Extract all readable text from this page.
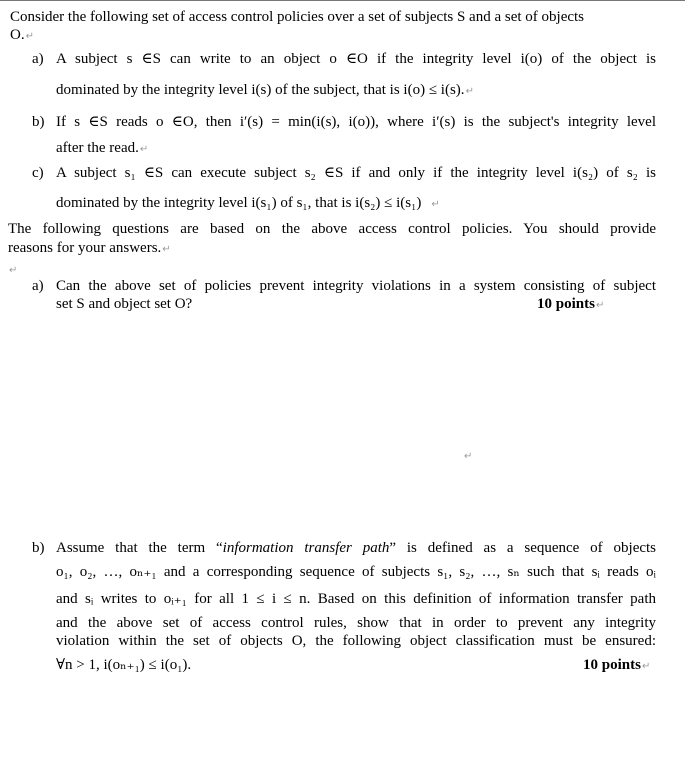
Consider the following set of access control policies over a set of subjects S and a set of objects
O.↵
a) A subject s ∈S can write to an object o ∈O if the integrity level i(o) of the object is
dominated by the integrity level i(s) of the subject, that is i(o) ≤ i(s).↵
b) If s ∈S reads o ∈O, then i′(s) = min(i(s), i(o)), where i′(s) is the subject's integrity level
after the read.↵
c) A subject s₁ ∈S can execute subject s₂ ∈S if and only if the integrity level i(s₂) of s₂ is
dominated by the integrity level i(s₁) of s₁, that is i(s₂) ≤ i(s₁) ↵
The following questions are based on the above access control policies. You should provide
reasons for your answers.↵
↵
a) Can the above set of policies prevent integrity violations in a system consisting of subject
set S and object set O?	10 points↵
↵
b) Assume that the term “information transfer path” is defined as a sequence of objects
o₁, o₂, …, oₙ₊₁ and a corresponding sequence of subjects s₁, s₂, …, sₙ such that sᵢ reads oᵢ
and sᵢ writes to oᵢ₊₁ for all 1 ≤ i ≤ n. Based on this definition of information transfer path
and the above set of access control rules, show that in order to prevent any integrity
violation within the set of objects O, the following object classification must be ensured:
∀n > 1, i(oₙ₊₁) ≤ i(o₁).	10 points↵
